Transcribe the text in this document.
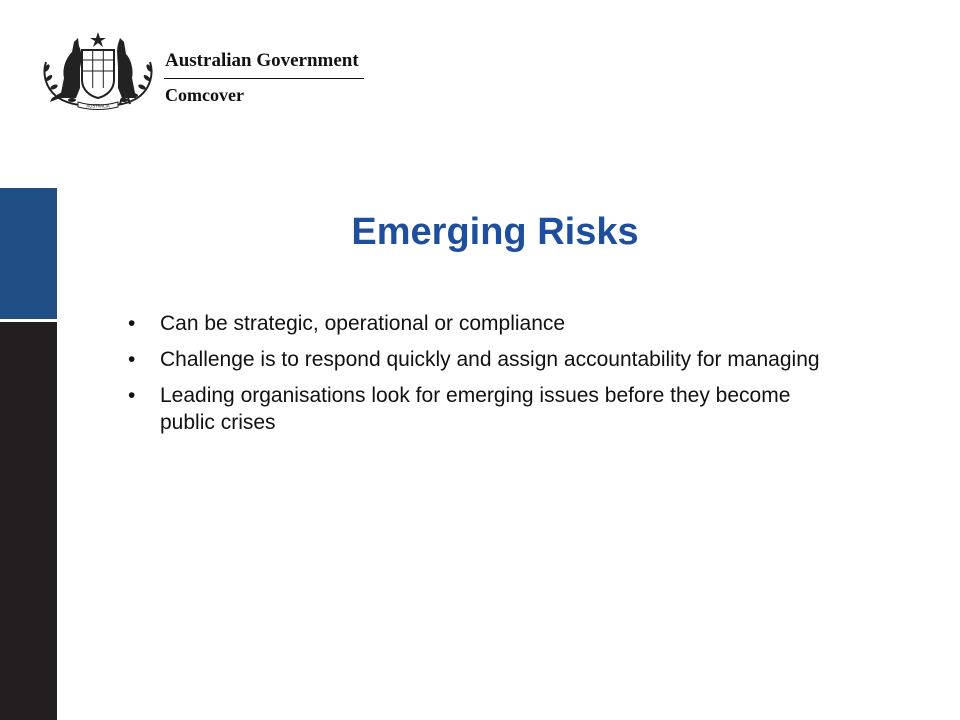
AUSTRALIA
Australian Government
Comcover
Emerging Risks
•	Can be strategic, operational or compliance
•	Challenge is to respond quickly and assign accountability for managing
•	Leading organisations look for emerging issues before they become public crises
